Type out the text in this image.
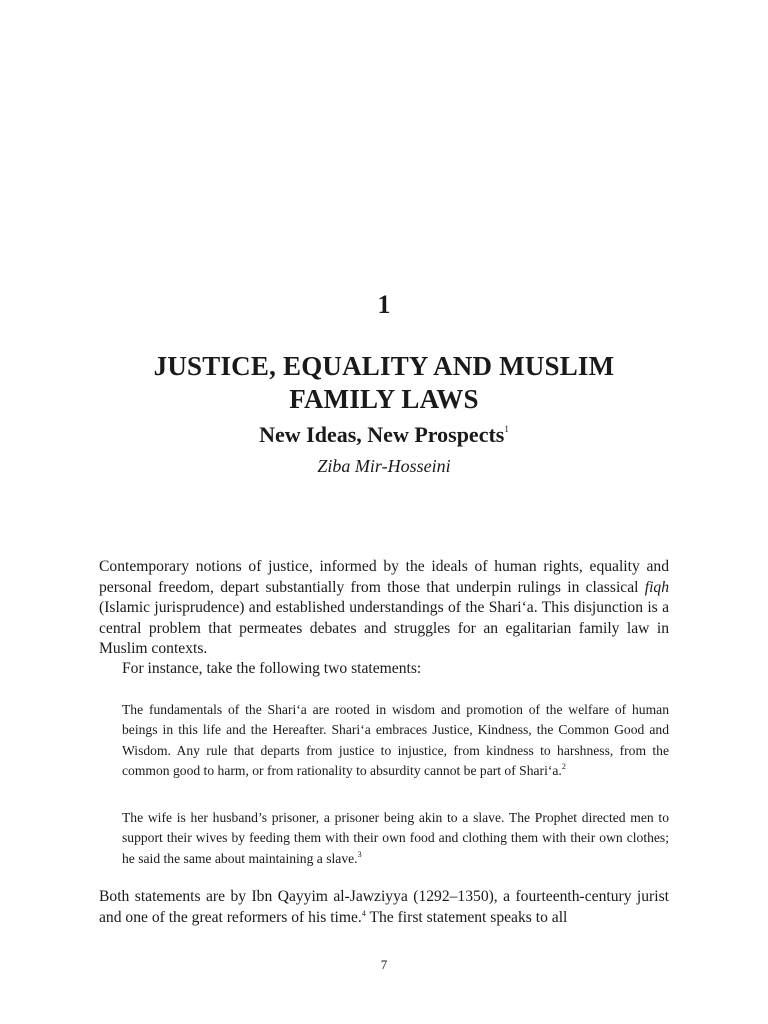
1
JUSTICE, EQUALITY AND MUSLIM
FAMILY LAWS
New Ideas, New Prospects$^1$
Ziba Mir-Hosseini

Contemporary notions of justice, informed by the ideals of human rights, equality and personal freedom, depart substantially from those that underpin rulings in classical fiqh (Islamic jurisprudence) and established understandings of the Shari‘a. This disjunction is a central problem that permeates debates and struggles for an egalitarian family law in Muslim contexts.

For instance, take the following two statements:

The fundamentals of the Shari‘a are rooted in wisdom and promotion of the welfare of human beings in this life and the Hereafter. Shari‘a embraces Justice, Kindness, the Common Good and Wisdom. Any rule that departs from justice to injustice, from kindness to harshness, from the common good to harm, or from rationality to absurdity cannot be part of Shari‘a.$^2$

The wife is her husband’s prisoner, a prisoner being akin to a slave. The Prophet directed men to support their wives by feeding them with their own food and clothing them with their own clothes; he said the same about maintaining a slave.$^3$

Both statements are by Ibn Qayyim al-Jawziyya (1292–1350), a fourteenth-century jurist and one of the great reformers of his time.$^4$ The first statement speaks to all

7
